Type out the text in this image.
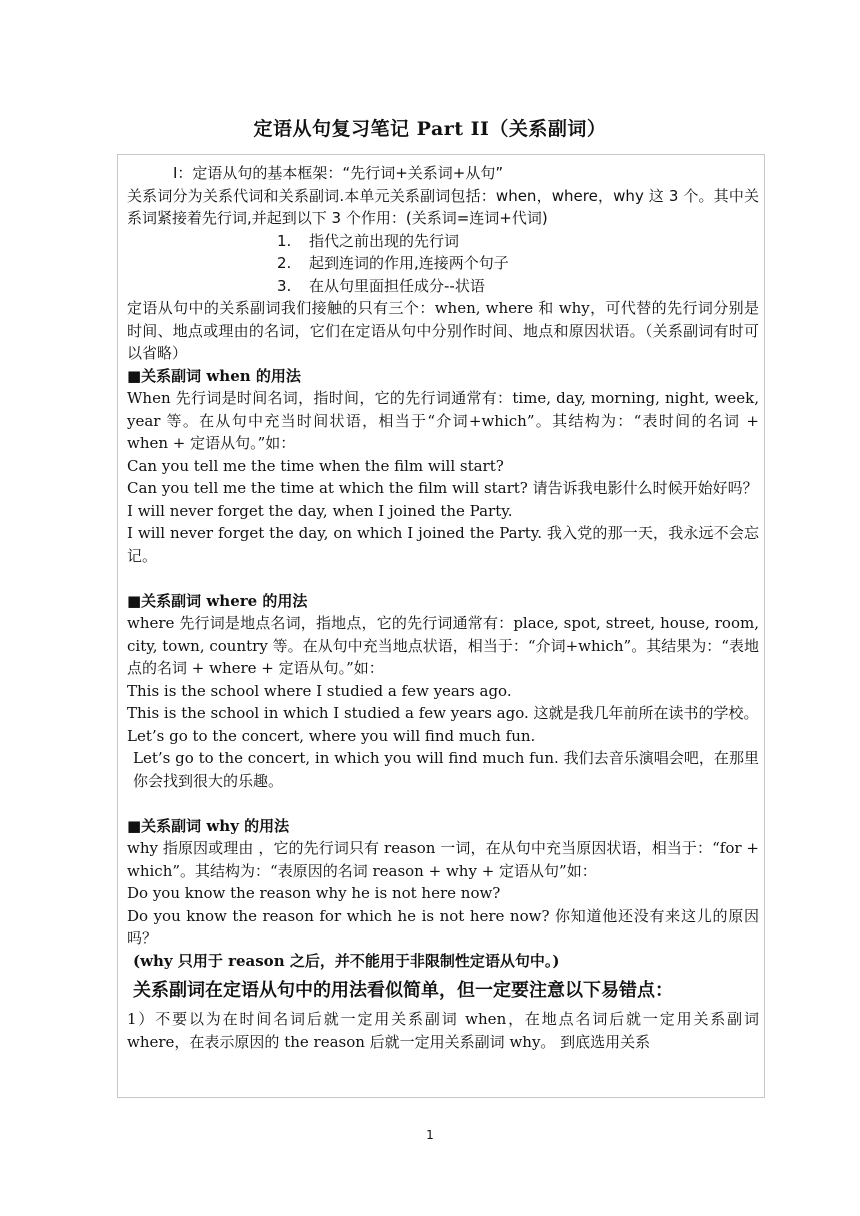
定语从句复习笔记 Part II（关系副词）

Ⅰ：定语从句的基本框架：“先行词+关系词+从句”

关系词分为关系代词和关系副词.本单元关系副词包括：when，where，why 这 3 个。其中关系词紧接着先行词,并起到以下 3 个作用：(关系词=连词+代词)

1. 指代之前出现的先行词

2. 起到连词的作用,连接两个句子

3. 在从句里面担任成分--状语

定语从句中的关系副词我们接触的只有三个：when, where 和 why，可代替的先行词分别是时间、地点或理由的名词，它们在定语从句中分别作时间、地点和原因状语。（关系副词有时可以省略）

■关系副词 when 的用法

When 先行词是时间名词，指时间，它的先行词通常有：time, day, morning, night, week, year 等。在从句中充当时间状语，相当于“介词+which”。其结构为：“表时间的名词 + when + 定语从句。”如：

Can you tell me the time when the film will start?

Can you tell me the time at which the film will start? 请告诉我电影什么时候开始好吗？

I will never forget the day, when I joined the Party.

I will never forget the day, on which I joined the Party. 我入党的那一天，我永远不会忘记。

■关系副词 where 的用法

where 先行词是地点名词，指地点，它的先行词通常有：place, spot, street, house, room, city, town, country 等。在从句中充当地点状语，相当于：“介词+which”。其结果为：“表地点的名词 + where + 定语从句。”如：

This is the school where I studied a few years ago.

This is the school in which I studied a few years ago. 这就是我几年前所在读书的学校。

Let’s go to the concert, where you will find much fun.

Let’s go to the concert, in which you will find much fun. 我们去音乐演唱会吧，在那里你会找到很大的乐趣。

■关系副词 why 的用法

why 指原因或理由 ，它的先行词只有 reason 一词，在从句中充当原因状语，相当于：“for + which”。其结构为：“表原因的名词 reason + why + 定语从句”如：

Do you know the reason why he is not here now?

Do you know the reason for which he is not here now? 你知道他还没有来这儿的原因吗？

(why 只用于 reason 之后，并不能用于非限制性定语从句中。)

关系副词在定语从句中的用法看似简单，但一定要注意以下易错点：

1）不要以为在时间名词后就一定用关系副词 when，在地点名词后就一定用关系副词 where，在表示原因的 the reason 后就一定用关系副词 why。 到底选用关系

1
